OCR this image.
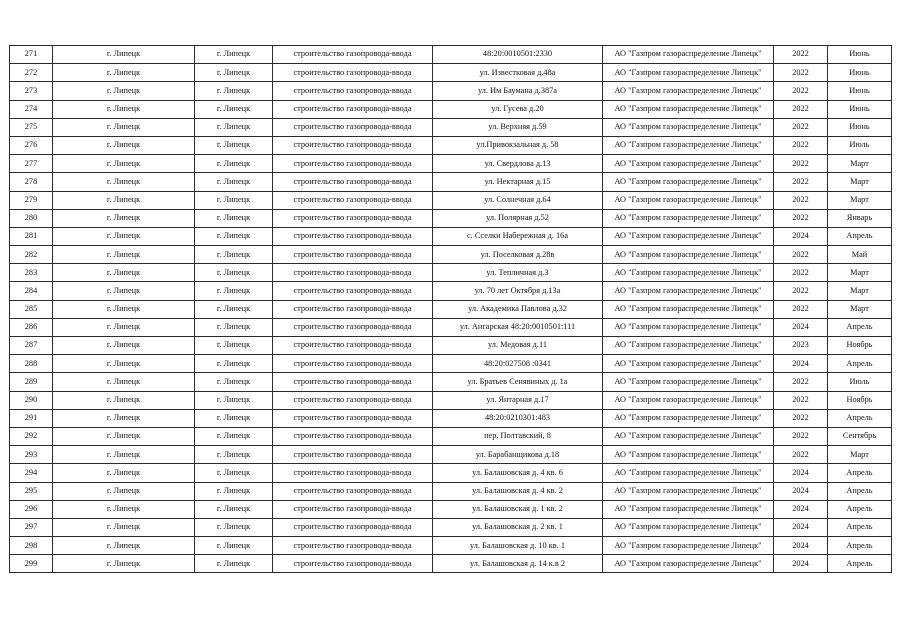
271	г. Липецк	г. Липецк	строительство газопровода-ввода	48:20:0010501:2330	АО "Газпром газораспределение Липецк"	2022	Июнь
272	г. Липецк	г. Липецк	строительство газопровода-ввода	ул. Известковая д.48а	АО "Газпром газораспределение Липецк"	2022	Июнь
273	г. Липецк	г. Липецк	строительство газопровода-ввода	ул. Им Баумана д.387а	АО "Газпром газораспределение Липецк"	2022	Июнь
274	г. Липецк	г. Липецк	строительство газопровода-ввода	ул. Гусева д.20	АО "Газпром газораспределение Липецк"	2022	Июнь
275	г. Липецк	г. Липецк	строительство газопровода-ввода	ул. Верхняя д.59	АО "Газпром газораспределение Липецк"	2022	Июнь
276	г. Липецк	г. Липецк	строительство газопровода-ввода	ул.Привокзальная д. 58	АО "Газпром газораспределение Липецк"	2022	Июль
277	г. Липецк	г. Липецк	строительство газопровода-ввода	ул. Свердлова д.13	АО "Газпром газораспределение Липецк"	2022	Март
278	г. Липецк	г. Липецк	строительство газопровода-ввода	ул. Нектарная д.15	АО "Газпром газораспределение Липецк"	2022	Март
279	г. Липецк	г. Липецк	строительство газопровода-ввода	ул. Солнечная д.64	АО "Газпром газораспределение Липецк"	2022	Март
280	г. Липецк	г. Липецк	строительство газопровода-ввода	ул. Полярная д.52	АО "Газпром газораспределение Липецк"	2022	Январь
281	г. Липецк	г. Липецк	строительство газопровода-ввода	с. Сселки Набережная д. 16а	АО "Газпром газораспределение Липецк"	2024	Апрель
282	г. Липецк	г. Липецк	строительство газопровода-ввода	ул. Поселковая д.28в	АО "Газпром газораспределение Липецк"	2022	Май
283	г. Липецк	г. Липецк	строительство газопровода-ввода	ул. Тепличная д.3	АО "Газпром газораспределение Липецк"	2022	Март
284	г. Липецк	г. Липецк	строительство газопровода-ввода	ул. 70 лет Октября д.13а	АО "Газпром газораспределение Липецк"	2022	Март
285	г. Липецк	г. Липецк	строительство газопровода-ввода	ул. Академика Павлова д.32	АО "Газпром газораспределение Липецк"	2022	Март
286	г. Липецк	г. Липецк	строительство газопровода-ввода	ул. Ангарская 48:20:0010501:111	АО "Газпром газораспределение Липецк"	2024	Апрель
287	г. Липецк	г. Липецк	строительство газопровода-ввода	ул. Медовая д.11	АО "Газпром газораспределение Липецк"	2023	Ноябрь
288	г. Липецк	г. Липецк	строительство газопровода-ввода	48:20:027508 :0341	АО "Газпром газораспределение Липецк"	2024	Апрель
289	г. Липецк	г. Липецк	строительство газопровода-ввода	ул. Братьев Сенявиных д. 1а	АО "Газпром газораспределение Липецк"	2022	Июль
290	г. Липецк	г. Липецк	строительство газопровода-ввода	ул. Янтарная д.17	АО "Газпром газораспределение Липецк"	2022	Ноябрь
291	г. Липецк	г. Липецк	строительство газопровода-ввода	48:20:0210301:483	АО "Газпром газораспределение Липецк"	2022	Апрель
292	г. Липецк	г. Липецк	строительство газопровода-ввода	пер. Полтавский, 8	АО "Газпром газораспределение Липецк"	2022	Сентябрь
293	г. Липецк	г. Липецк	строительство газопровода-ввода	ул. Барабанщикова д.18	АО "Газпром газораспределение Липецк"	2022	Март
294	г. Липецк	г. Липецк	строительство газопровода-ввода	ул. Балашовская д. 4 кв. 6	АО "Газпром газораспределение Липецк"	2024	Апрель
295	г. Липецк	г. Липецк	строительство газопровода-ввода	ул. Балашовская д. 4 кв. 2	АО "Газпром газораспределение Липецк"	2024	Апрель
296	г. Липецк	г. Липецк	строительство газопровода-ввода	ул. Балашовская д. 1 кв. 2	АО "Газпром газораспределение Липецк"	2024	Апрель
297	г. Липецк	г. Липецк	строительство газопровода-ввода	ул. Балашовская д. 2 кв. 1	АО "Газпром газораспределение Липецк"	2024	Апрель
298	г. Липецк	г. Липецк	строительство газопровода-ввода	ул. Балашовская д. 10 кв. 1	АО "Газпром газораспределение Липецк"	2024	Апрель
299	г. Липецк	г. Липецк	строительство газопровода-ввода	ул. Балашовская д. 14 к.в 2	АО "Газпром газораспределение Липецк"	2024	Апрель
